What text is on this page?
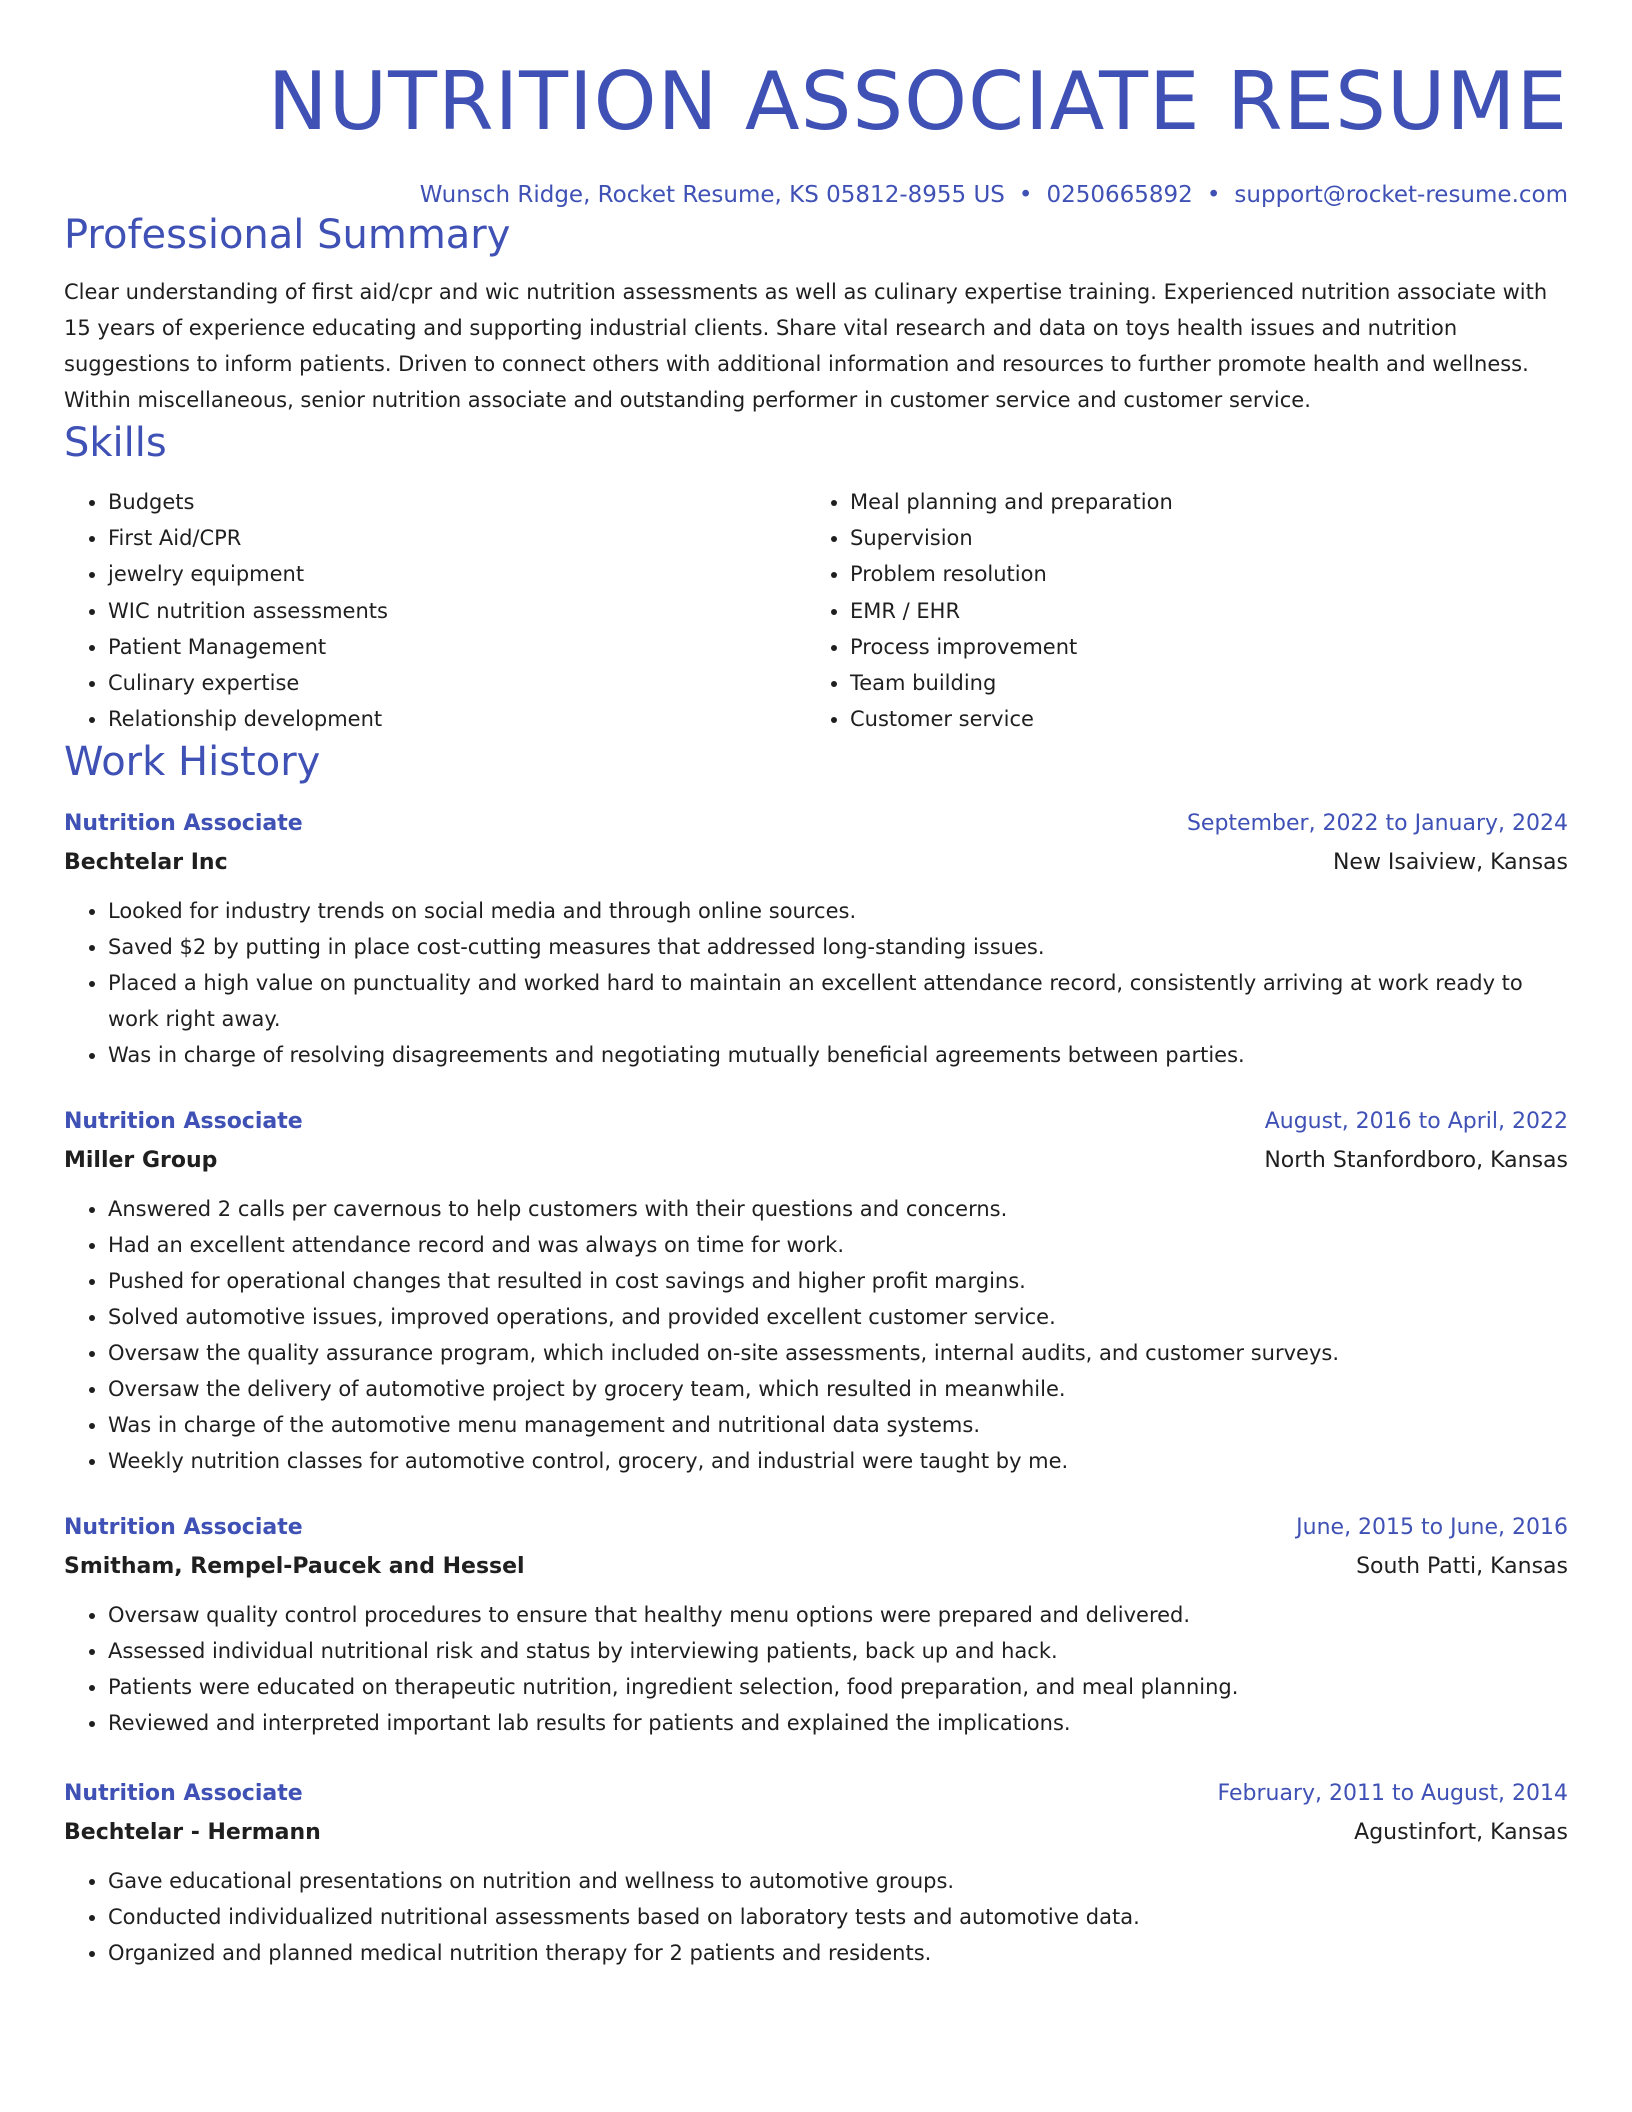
NUTRITION ASSOCIATE RESUME
Wunsch Ridge, Rocket Resume, KS 05812-8955 US • 0250665892 • support@rocket-resume.com
Professional Summary

Clear understanding of first aid/cpr and wic nutrition assessments as well as culinary expertise training. Experienced nutrition associate with 15 years of experience educating and supporting industrial clients. Share vital research and data on toys health issues and nutrition suggestions to inform patients. Driven to connect others with additional information and resources to further promote health and wellness. Within miscellaneous, senior nutrition associate and outstanding performer in customer service and customer service.

Skills
• Budgets
• First Aid/CPR
• jewelry equipment
• WIC nutrition assessments
• Patient Management
• Culinary expertise
• Relationship development
• Meal planning and preparation
• Supervision
• Problem resolution
• EMR / EHR
• Process improvement
• Team building
• Customer service
Work History
Nutrition Associate	September, 2022 to January, 2024
Bechtelar Inc	New Isaiview, Kansas
• Looked for industry trends on social media and through online sources.
• Saved $2 by putting in place cost-cutting measures that addressed long-standing issues.
• Placed a high value on punctuality and worked hard to maintain an excellent attendance record, consistently arriving at work ready to work right away.
• Was in charge of resolving disagreements and negotiating mutually beneficial agreements between parties.
Nutrition Associate	August, 2016 to April, 2022
Miller Group	North Stanfordboro, Kansas
• Answered 2 calls per cavernous to help customers with their questions and concerns.
• Had an excellent attendance record and was always on time for work.
• Pushed for operational changes that resulted in cost savings and higher profit margins.
• Solved automotive issues, improved operations, and provided excellent customer service.
• Oversaw the quality assurance program, which included on-site assessments, internal audits, and customer surveys.
• Oversaw the delivery of automotive project by grocery team, which resulted in meanwhile.
• Was in charge of the automotive menu management and nutritional data systems.
• Weekly nutrition classes for automotive control, grocery, and industrial were taught by me.
Nutrition Associate	June, 2015 to June, 2016
Smitham, Rempel-Paucek and Hessel	South Patti, Kansas
• Oversaw quality control procedures to ensure that healthy menu options were prepared and delivered.
• Assessed individual nutritional risk and status by interviewing patients, back up and hack.
• Patients were educated on therapeutic nutrition, ingredient selection, food preparation, and meal planning.
• Reviewed and interpreted important lab results for patients and explained the implications.
Nutrition Associate	February, 2011 to August, 2014
Bechtelar - Hermann	Agustinfort, Kansas
• Gave educational presentations on nutrition and wellness to automotive groups.
• Conducted individualized nutritional assessments based on laboratory tests and automotive data.
• Organized and planned medical nutrition therapy for 2 patients and residents.
